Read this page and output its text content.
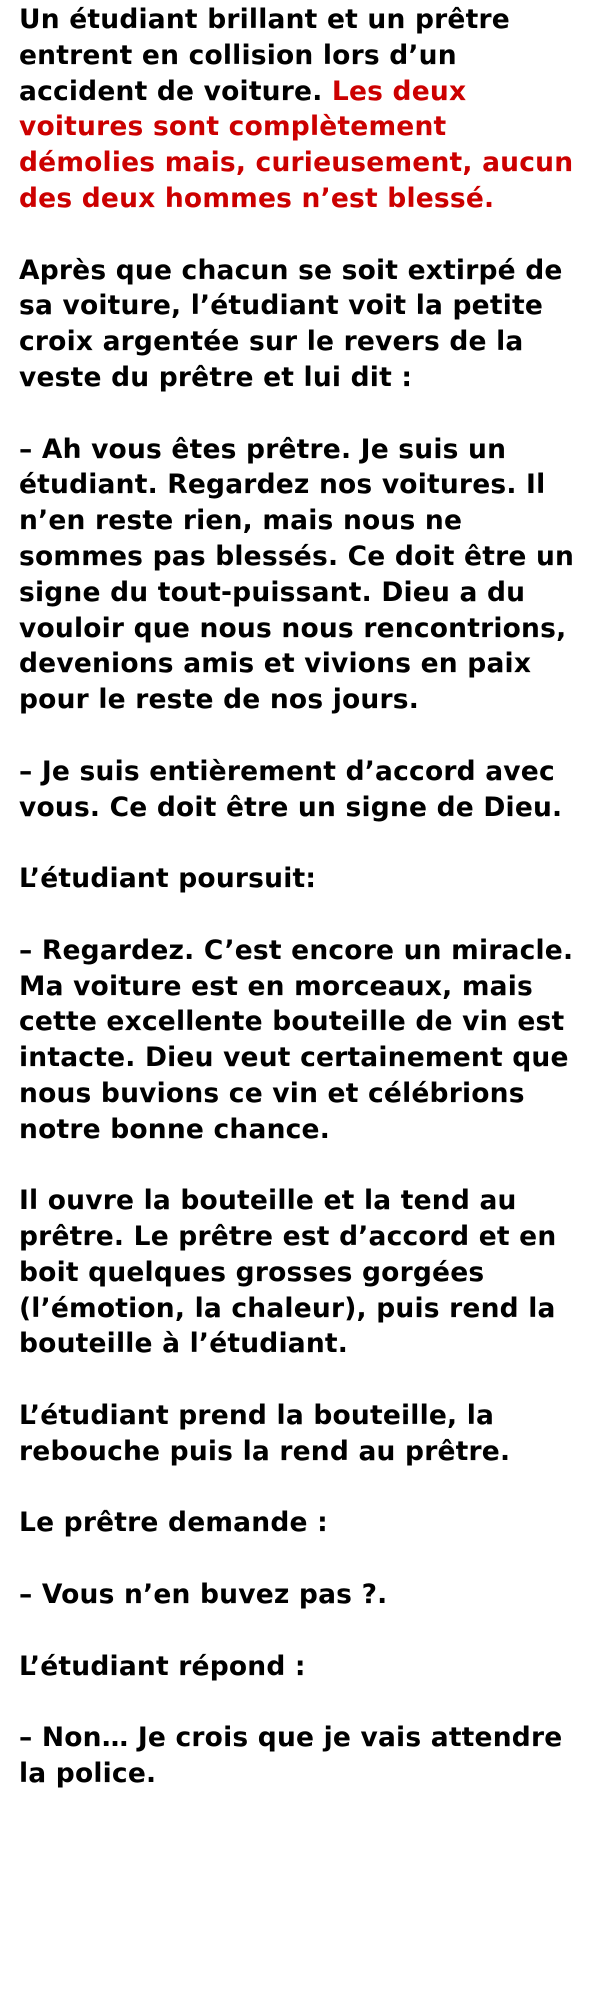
Un étudiant brillant et un prêtre entrent en collision lors d’un accident de voiture. Les deux voitures sont complètement démolies mais, curieusement, aucun des deux hommes n’est blessé.

Après que chacun se soit extirpé de sa voiture, l’étudiant voit la petite croix argentée sur le revers de la veste du prêtre et lui dit :

– Ah vous êtes prêtre. Je suis un étudiant. Regardez nos voitures. Il n’en reste rien, mais nous ne sommes pas blessés. Ce doit être un signe du tout-puissant. Dieu a du vouloir que nous nous rencontrions, devenions amis et vivions en paix pour le reste de nos jours.

– Je suis entièrement d’accord avec vous. Ce doit être un signe de Dieu.

L’étudiant poursuit:

– Regardez. C’est encore un miracle. Ma voiture est en morceaux, mais cette excellente bouteille de vin est intacte. Dieu veut certainement que nous buvions ce vin et célébrions notre bonne chance.

Il ouvre la bouteille et la tend au prêtre. Le prêtre est d’accord et en boit quelques grosses gorgées (l’émotion, la chaleur), puis rend la bouteille à l’étudiant.

L’étudiant prend la bouteille, la rebouche puis la rend au prêtre.

Le prêtre demande :

– Vous n’en buvez pas ?.

L’étudiant répond :

– Non… Je crois que je vais attendre la police.
